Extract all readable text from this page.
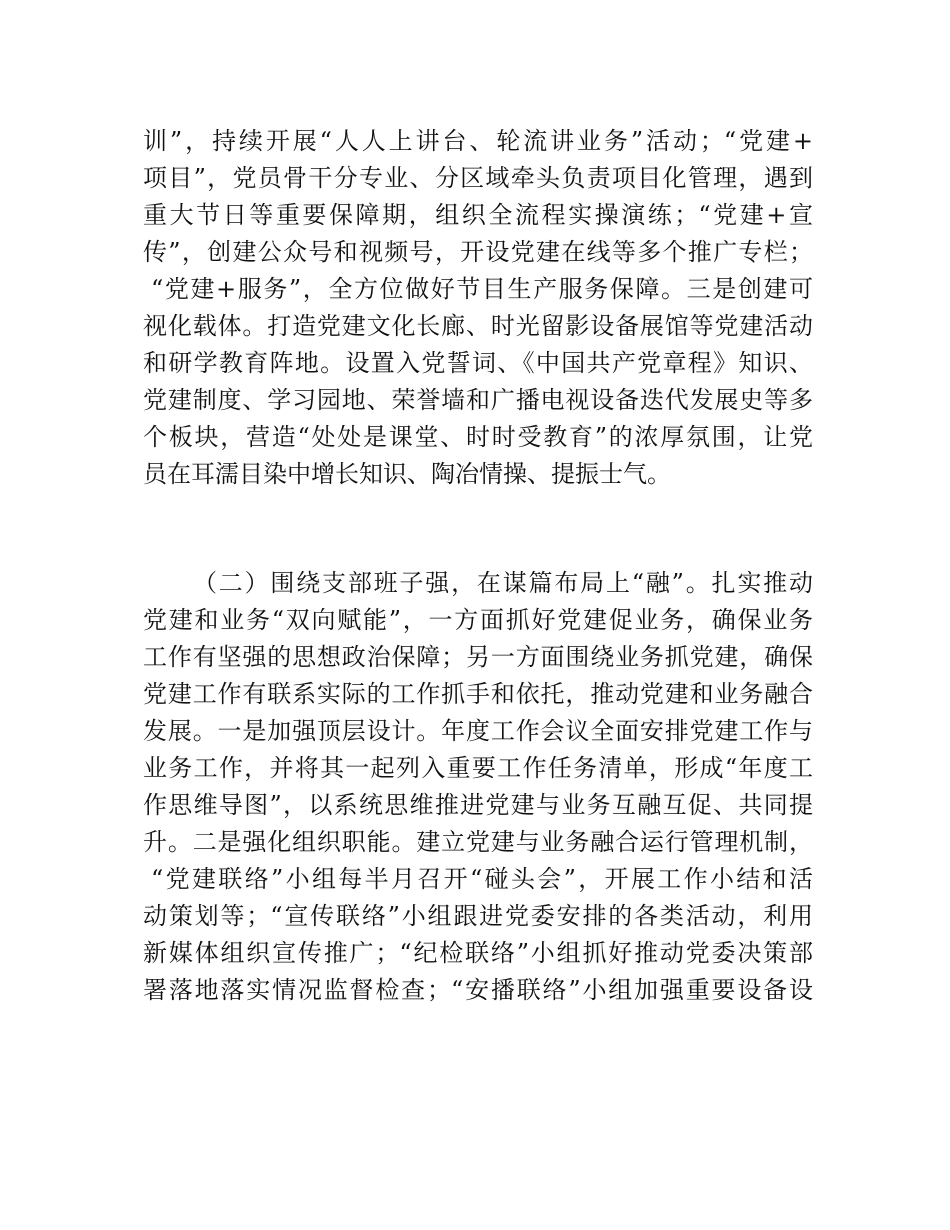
训”，持续开展“人人上讲台、轮流讲业务”活动；“党建+
项目”，党员骨干分专业、分区域牵头负责项目化管理，遇到
重大节日等重要保障期，组织全流程实操演练；“党建+宣
传”，创建公众号和视频号，开设党建在线等多个推广专栏；
“党建+服务”，全方位做好节目生产服务保障。三是创建可
视化载体。打造党建文化长廊、时光留影设备展馆等党建活动
和研学教育阵地。设置入党誓词、《中国共产党章程》知识、
党建制度、学习园地、荣誉墙和广播电视设备迭代发展史等多
个板块，营造“处处是课堂、时时受教育”的浓厚氛围，让党
员在耳濡目染中增长知识、陶冶情操、提振士气。
（二）围绕支部班子强，在谋篇布局上“融”。扎实推动
党建和业务“双向赋能”，一方面抓好党建促业务，确保业务
工作有坚强的思想政治保障；另一方面围绕业务抓党建，确保
党建工作有联系实际的工作抓手和依托，推动党建和业务融合
发展。一是加强顶层设计。年度工作会议全面安排党建工作与
业务工作，并将其一起列入重要工作任务清单，形成“年度工
作思维导图”，以系统思维推进党建与业务互融互促、共同提
升。二是强化组织职能。建立党建与业务融合运行管理机制，
“党建联络”小组每半月召开“碰头会”，开展工作小结和活
动策划等；“宣传联络”小组跟进党委安排的各类活动，利用
新媒体组织宣传推广；“纪检联络”小组抓好推动党委决策部
署落地落实情况监督检查；“安播联络”小组加强重要设备设
